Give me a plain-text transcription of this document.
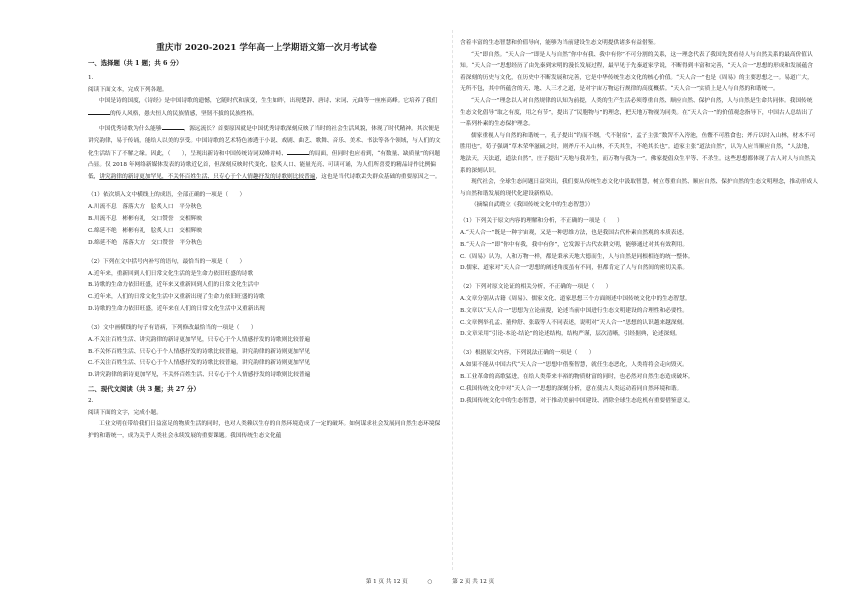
重庆市 2020-2021 学年高一上学期语文第一次月考试卷

一、选择题（共 1 题；共 6 分）

1.

阅读下面文本，完成下列各题。

中国是诗的国度，《诗经》是中国诗歌的遗憾，它随时代和演变，生生如昨，出现楚辞、唐诗、宋词、元曲等一座座高峰。它培养了我们的传人风格，愚夫恒人的民族情感，坚韧不拔的民族性格。

中国优秀诗歌为什么能够	，源远流长？首要原因就是中国优秀诗歌深刻反映了当时的社会生活风貌，体现了时代精神。其次便是讲究韵律，易于传诵，能给人以美的享受。中国诗歌的艺术特色渗透于小说、戏剧、曲艺、歌舞、音乐、美术、书法等各个领域，与人们的文化生活结下了不解之缘。因此，（　　），呈现出新诗和中国传统诗词双峰并峙、	的局面，但同时也应看到，“有数量、缺质量”的问题凸显。仅 2018 年网络新媒体发表的诗歌近亿首，但深刻反映时代变化、脍炙人口、能量光亮、可读可诵，为人们所喜爱的精品诗作比例偏低，讲究韵律的新诗更加罕见，不关怀百姓生活、只专心于个人情趣抒发的诗歌则比较普遍，这也是当代诗歌丢失群众基础的重要原因之一。

（1）依次填入文中横线上的成语，全部正确的一项是（　　）

A.川流不息　落落大方　脍炙人口　平分秋色

B.川流不息　彬彬有礼　交口赞誉　交相辉映

C.绵延不绝　彬彬有礼　脍炙人口　交相辉映

D.绵延不绝　落落大方　交口赞誉　平分秋色

（2）下列在文中括号内补写的语句，最恰当的一项是（　　）

A.近年来，重新回到人们日常文化生活的是生命力依旧旺盛的诗歌

B.诗歌的生命力依旧旺盛，近年来又重新回到人们的日常文化生活中

C.近年来，人们的日常文化生活中又重新出现了生命力依旧旺盛的诗歌

D.诗歌的生命力依旧旺盛，近年来在人们的日常文化生活中又重新出现

（3）文中画横线的句子有语病，下列修改最恰当的一项是（　　）

A.不关注百姓生活、讲究韵律的新诗更加罕见，只专心于个人情感抒发的诗歌则比较普遍

B.不关怀百姓生活、只专心于个人情感抒发的诗歌比较普遍，讲究韵律的新诗则更加罕见

C.不关注百姓生活、只专心于个人情感抒发的诗歌比较普遍，讲究韵律的新诗则更加罕见

D.讲究韵律的新诗更加罕见，不关怀百姓生活、只专心于个人情感抒发的诗歌则比较普遍

二、现代文阅读（共 3 题；共 27 分）

2.

阅读下面的文字，完成小题。

工业文明在带给我们日益富足的物质生活的同时，也对人类赖以生存的自然环境造成了一定的破坏。如何谋求社会发展同自然生态环境保护的和谐统一，成为关乎人类社会永续发展的重要课题。我国传统生态文化蕴

含着丰富的生态智慧和价值导向，能够为当前建设生态文明提供诸多有益借鉴。

“天”即自然。“天人合一”即是人与自然“你中有我、我中有你”不可分割的关系，这一理念代表了我国先贤看待人与自然关系的最高价值认知。“天人合一”思想经历了由先秦到宋明的漫长发展过程，最早见于先秦道家学说，不断得到丰富和完善，“天人合一”思想的形成和发展蕴含着深刻的历史与文化，在历史中不断发展和完善，它是中华传统生态文化的核心价值。“天人合一”也是《周易》的主要思想之一。易道广大，无所不包，其中所蕴含的天、地、人三才之道，是对宇宙万物运行规律的高度概括。“天人合一”实质上是人与自然的和谐统一。

“天人合一”理念以人对自然规律的认知为前提，人类的生产生活必须尊重自然、顺应自然、保护自然，人与自然是生命共同体。我国传统生态文化倡导“取之有度，用之有节”，提出了“民胞物与”的理念，把天地万物视为同类。在“天人合一”的价值观念指导下，中国古人总结出了一系列朴素的生态保护理念。

儒家重视人与自然的和谐统一，孔子提出“钓而不纲，弋不射宿”，孟子主张“数罟不入洿池，鱼鳖不可胜食也；斧斤以时入山林，材木不可胜用也”，荀子强调“草木荣华滋硕之时，则斧斤不入山林，不夭其生，不绝其长也”。道家主张“道法自然”，认为人应当顺应自然，“人法地，地法天，天法道，道法自然”，庄子提出“天地与我并生，而万物与我为一”。佛家提倡众生平等、不杀生。这些思想都体现了古人对人与自然关系的深刻认识。

现代社会，全球生态问题日益突出，我们要从传统生态文化中汲取智慧，树立尊重自然、顺应自然、保护自然的生态文明理念，推动形成人与自然和谐发展的现代化建设新格局。

（摘编自武晓立《我国传统文化中的生态智慧》）

（1）下列关于原文内容的理解和分析，不正确的一项是（　　）

A.“天人合一”既是一种宇宙观，又是一种思维方法，也是我国古代朴素自然观的本质表述。

B.“天人合一”即“你中有我，我中有你”，它发源于古代农耕文明，能够通过对其有效利用。

C.《周易》认为，人和万物一样，都是秉承天地大德而生，人与自然是同根相连的统一整体。

D.儒家、道家对“天人合一”思想的阐述角度虽有不同，但都肯定了人与自然间的密切关系。

（2）下列对原文论证的相关分析，不正确的一项是（　　）

A.文章分别从古籍《周易》、儒家文化、道家思想三个方面阐述中国传统文化中的生态智慧。

B.文章以“天人合一”思想为立论前提，论述当前中国进行生态文明建设的合理性和必要性。

C.文章例举孔孟、董仲舒、张载等人不同表述，说明对“天人合一”思想的认识越来越深刻。

D.文章采用“引论-本论-结论”的论述结构，结构严谨，层次清晰，引经据典，论述深刻。

（3）根据原文内容，下列说法正确的一项是（　　）

A.如果不能从中国古代“天人合一”思想中借鉴智慧，就任生态恶化，人类将将会走向毁灭。

B.工业革命的高歌猛进，在给人类带来丰裕的物质财富的同时，也必然对自然生态造成破坏。

C.我国传统文化中对“天人合一”思想的深刻分析，意在使古人类运动着同自然环境和谐。

D.我国传统文化中的生态智慧，对于推动美丽中国建设、消除全球生态危机有重要借鉴意义。

第 1 页 共 12 页	○	第 2 页 共 12 页
